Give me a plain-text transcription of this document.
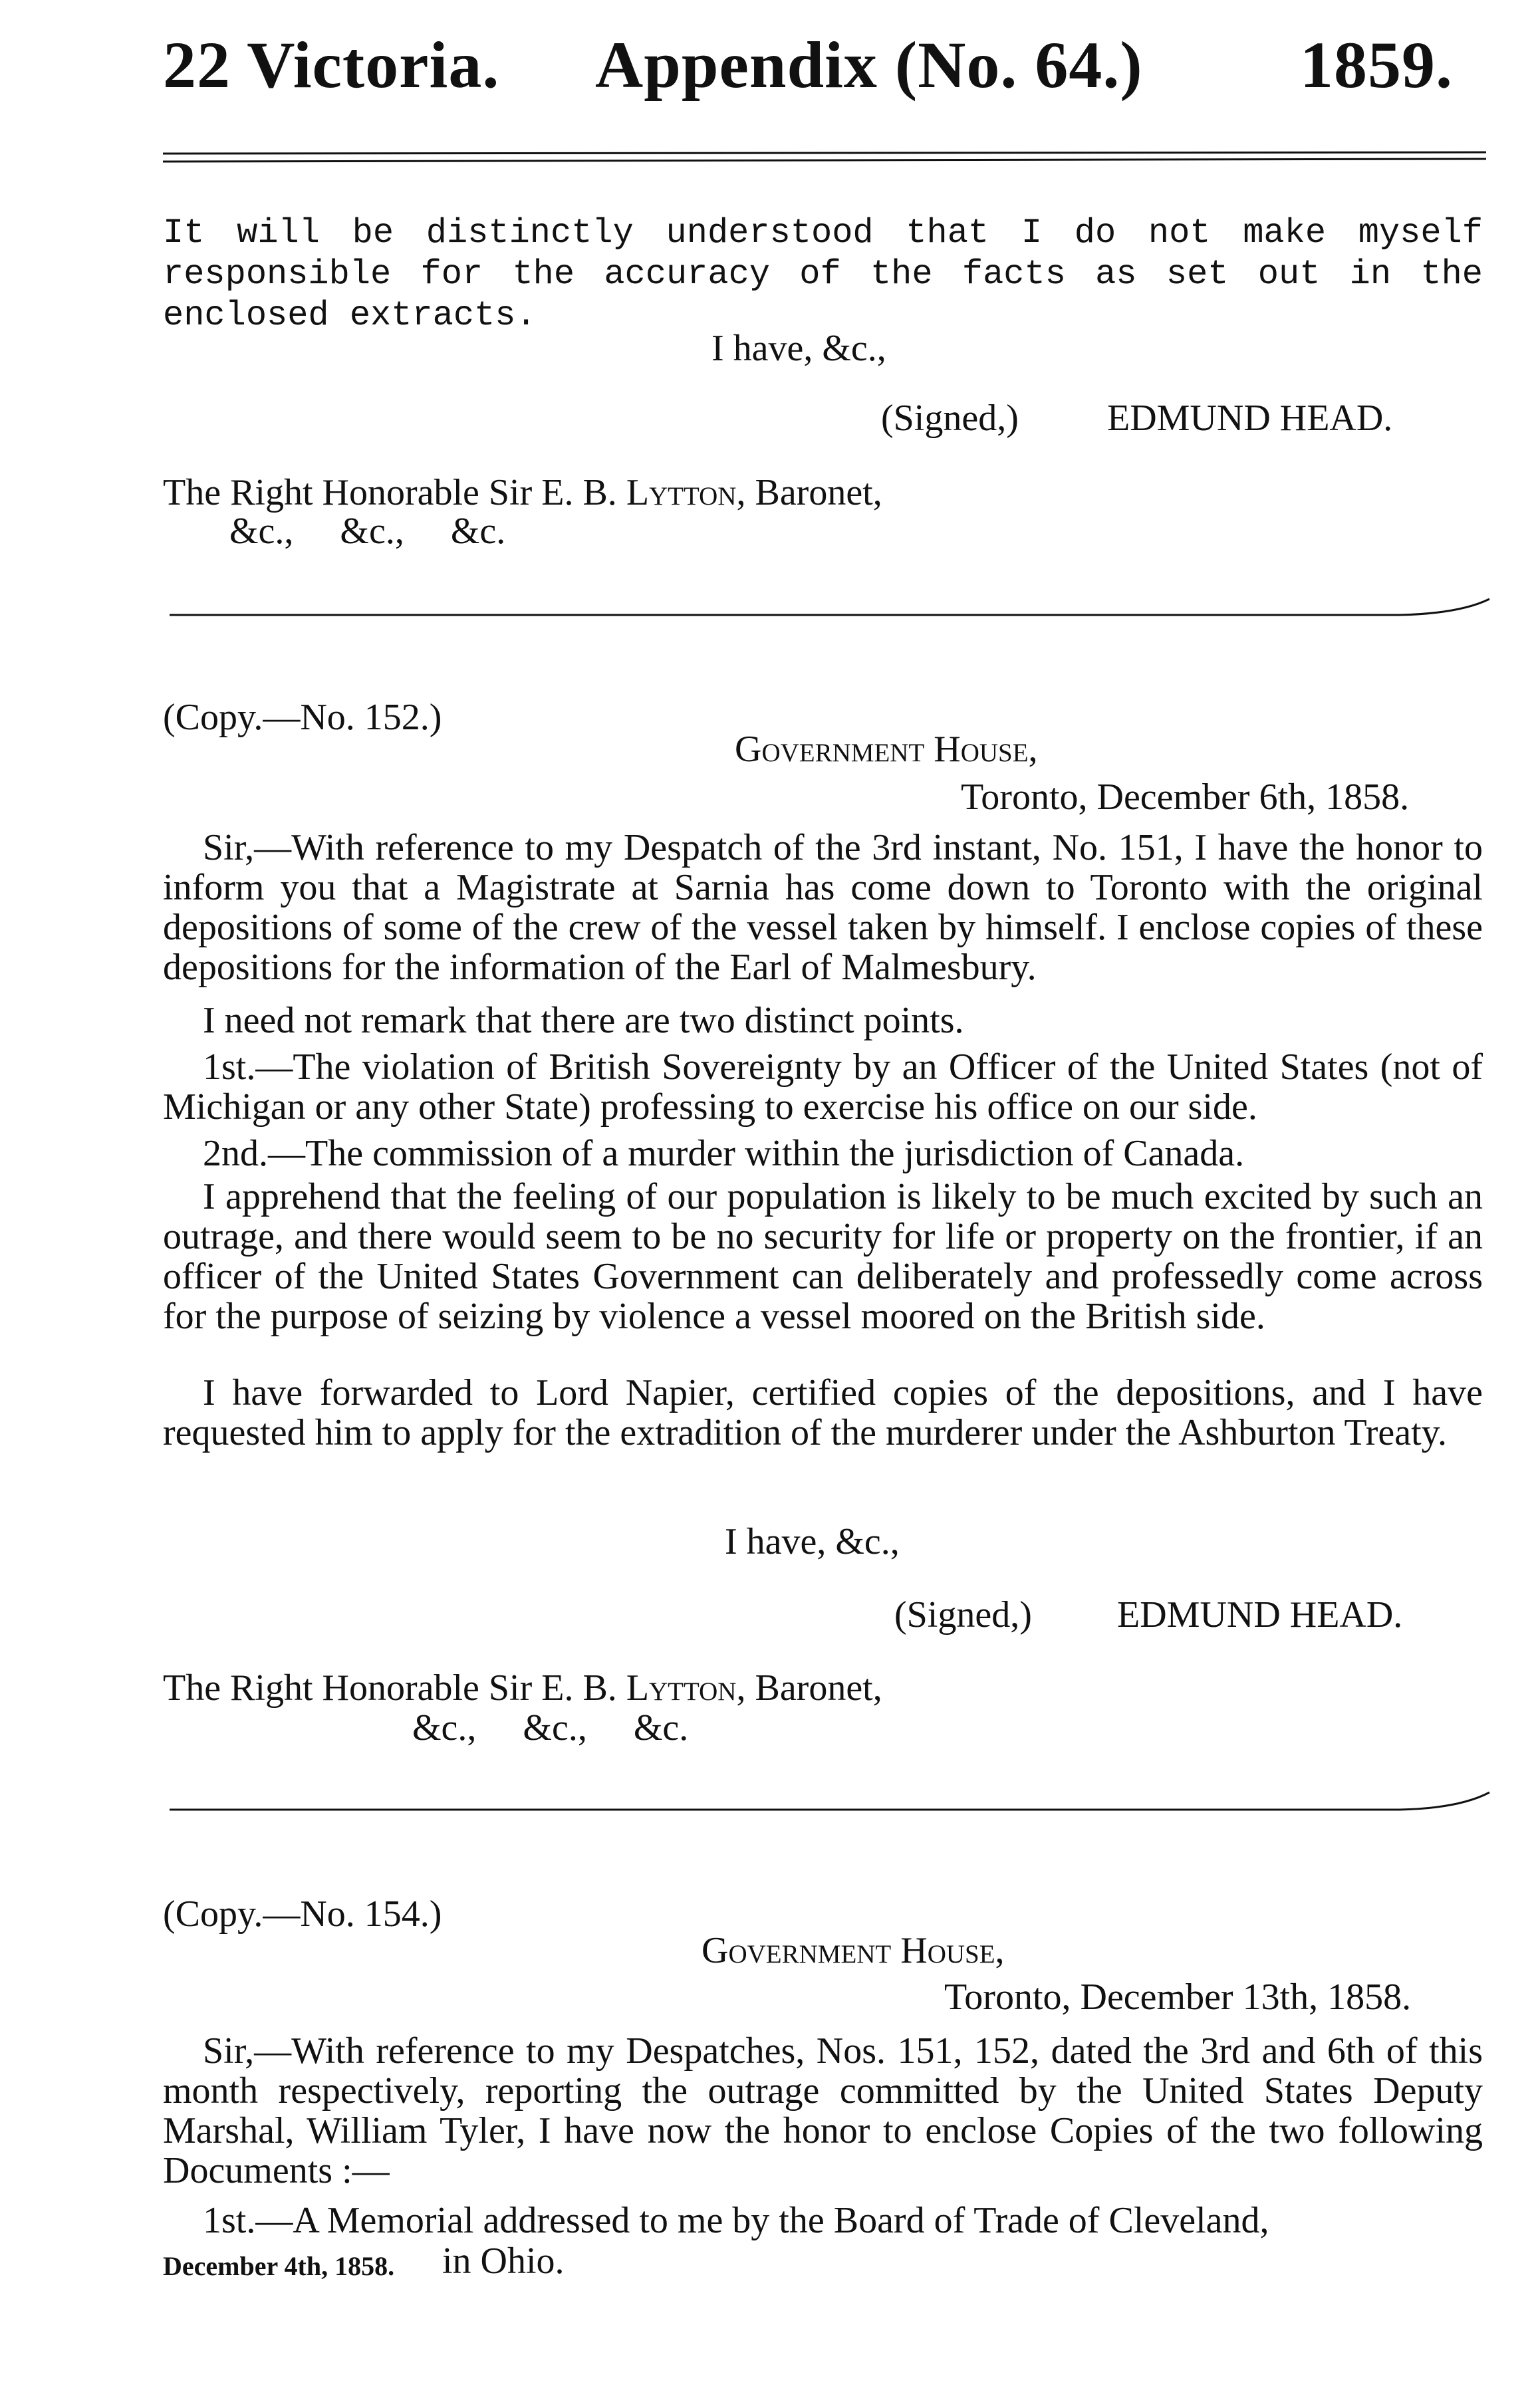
22 Victoria. Appendix (No. 64.) 1859.
It will be distinctly understood that I do not make myself responsible for the accuracy of the facts as set out in the enclosed extracts.
I have, &c.,
(Signed,) EDMUND HEAD.
The Right Honorable Sir E. B. Lytton, Baronet,
&c.,     &c.,     &c.
(Copy.—No. 152.)
Government House,
Toronto, December 6th, 1858.
Sir,—With reference to my Despatch of the 3rd instant, No. 151, I have the honor to inform you that a Magistrate at Sarnia has come down to Toronto with the original depositions of some of the crew of the vessel taken by himself. I enclose copies of these depositions for the information of the Earl of Malmesbury.
I need not remark that there are two distinct points.
1st.—The violation of British Sovereignty by an Officer of the United States (not of Michigan or any other State) professing to exercise his office on our side.
2nd.—The commission of a murder within the jurisdiction of Canada.
I apprehend that the feeling of our population is likely to be much excited by such an outrage, and there would seem to be no security for life or property on the frontier, if an officer of the United States Government can deliberately and professedly come across for the purpose of seizing by violence a vessel moored on the British side.
I have forwarded to Lord Napier, certified copies of the depositions, and I have requested him to apply for the extradition of the murderer under the Ashburton Treaty.
I have, &c.,
(Signed,) EDMUND HEAD.
The Right Honorable Sir E. B. Lytton, Baronet,
&c.,     &c.,     &c.
(Copy.—No. 154.)
Government House,
Toronto, December 13th, 1858.
Sir,—With reference to my Despatches, Nos. 151, 152, dated the 3rd and 6th of this month respectively, reporting the outrage committed by the United States Deputy Marshal, William Tyler, I have now the honor to enclose Copies of the two following Documents :—
1st.—A Memorial addressed to me by the Board of Trade of Cleveland,
December 4th, 1858. in Ohio.
